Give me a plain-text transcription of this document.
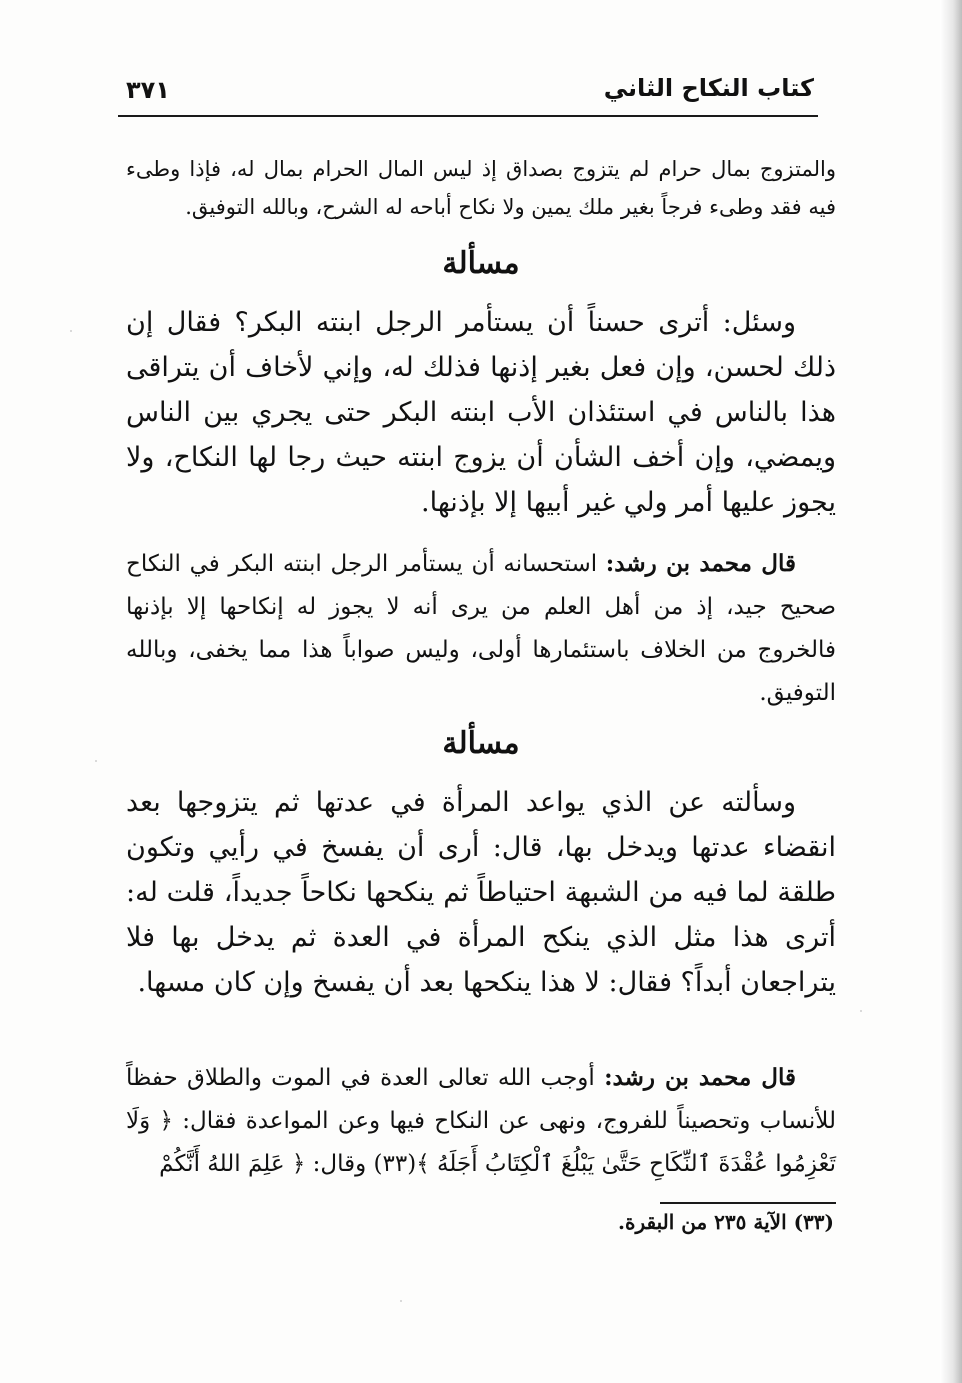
كتاب النكاح الثاني
٣٧١
والمتزوج بمال حرام لم يتزوج بصداق إذ ليس المال الحرام بمال له، فإذا وطىء فيه فقد وطىء فرجاً بغير ملك يمين ولا نكاح أباحه له الشرح، وبالله التوفيق.
مسألة
وسئل: أترى حسناً أن يستأمر الرجل ابنته البكر؟ فقال إن ذلك لحسن، وإن فعل بغير إذنها فذلك له، وإني لأخاف أن يتراقى هذا بالناس في استئذان الأب ابنته البكر حتى يجري بين الناس ويمضي، وإن أخف الشأن أن يزوج ابنته حيث رجا لها النكاح، ولا يجوز عليها أمر ولي غير أبيها إلا بإذنها.
قال محمد بن رشد: استحسانه أن يستأمر الرجل ابنته البكر في النكاح صحيح جيد، إذ من أهل العلم من يرى أنه لا يجوز له إنكاحها إلا بإذنها فالخروج من الخلاف باستئمارها أولى، وليس صواباً هذا مما يخفى، وبالله التوفيق.
مسألة
وسألته عن الذي يواعد المرأة في عدتها ثم يتزوجها بعد انقضاء عدتها ويدخل بها، قال: أرى أن يفسخ في رأيي وتكون طلقة لما فيه من الشبهة احتياطاً ثم ينكحها نكاحاً جديداً، قلت له: أترى هذا مثل الذي ينكح المرأة في العدة ثم يدخل بها فلا يتراجعان أبداً؟ فقال: لا هذا ينكحها بعد أن يفسخ وإن كان مسها.
قال محمد بن رشد: أوجب الله تعالى العدة في الموت والطلاق حفظاً للأنساب وتحصيناً للفروج، ونهى عن النكاح فيها وعن المواعدة فقال: ﴿ وَلَا تَعْزِمُوا عُقْدَةَ ٱلنِّكَاحِ حَتَّىٰ يَبْلُغَ ٱلْكِتَابُ أَجَلَهُ ﴾(٣٣) وقال: ﴿ عَلِمَ اللهُ أَنَّكُمْ
(٣٣) الآية ٢٣٥ من البقرة.
